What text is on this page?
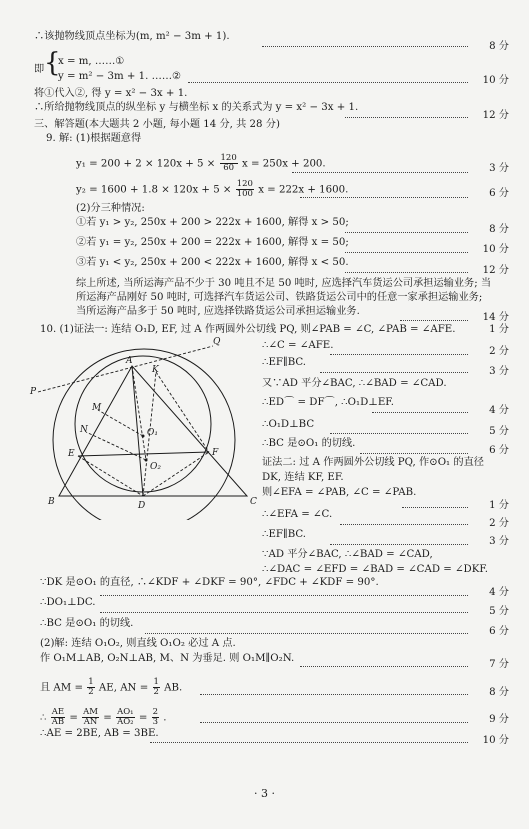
∴该抛物线顶点坐标为(m, m² − 3m + 1).
8 分
即 {
x = m, ……①
y = m² − 3m + 1. ……②	10 分
将①代入②, 得 y = x² − 3x + 1.
∴所给抛物线顶点的纵坐标 y 与横坐标 x 的关系式为 y = x² − 3x + 1.
12 分
三、解答题(本大题共 2 小题, 每小题 14 分, 共 28 分)
9. 解: (1)根据题意得
$y_1 = 200 + 2 \times 120x + 5 \times \frac{120}{60}$ x = 250x + 200.	3 分
$y_2 = 1600 + 1.8 \times 120x + 5 \times \frac{120}{100}$ x = 222x + 1600.	6 分
(2)分三种情况:
①若 y₁ > y₂, 250x + 200 > 222x + 1600, 解得 x > 50;
8 分
②若 y₁ = y₂, 250x + 200 = 222x + 1600, 解得 x = 50;
10 分
③若 y₁ < y₂, 250x + 200 < 222x + 1600, 解得 x < 50.
12 分
综上所述, 当所运海产品不少于 30 吨且不足 50 吨时, 应选择汽车货运公司承担运输业务; 当
所运海产品刚好 50 吨时, 可选择汽车货运公司、铁路货运公司中的任意一家承担运输业务;
当所运海产品多于 50 吨时, 应选择铁路货运公司承担运输业务.
14 分
10. (1)证法一: 连结 O₁D, EF, 过 A 作两圆外公切线 PQ, 则∠PAB = ∠C, ∠PAB = ∠AFE.	1 分
A
Q
P
K
M
N	O₁
O₂
E	F
B	C
D
∴∠C = ∠AFE.
2 分
∴EF∥BC.
3 分
又∵AD 平分∠BAC, ∴∠BAD = ∠CAD.
∴ED⌒ = DF⌒, ∴O₁D⊥EF.
4 分
∴O₁D⊥BC
5 分
∴BC 是⊙O₁ 的切线.
6 分
证法二: 过 A 作两圆外公切线 PQ, 作⊙O₁ 的直径
DK, 连结 KF, EF.
则∠EFA = ∠PAB, ∠C = ∠PAB.
1 分
∴∠EFA = ∠C.
2 分
∴EF∥BC.
3 分
∵AD 平分∠BAC, ∴∠BAD = ∠CAD,
∴∠DAC = ∠EFD = ∠BAD = ∠CAD = ∠DKF.
∵DK 是⊙O₁ 的直径, ∴∠KDF + ∠DKF = 90°, ∠FDC + ∠KDF = 90°.
4 分
∴DO₁⊥DC.
5 分
∴BC 是⊙O₁ 的切线.
6 分
(2)解: 连结 O₁O₂, 则直线 O₁O₂ 必过 A 点.
作 O₁M⊥AB, O₂N⊥AB, M、N 为垂足. 则 O₁M∥O₂N.
7 分
且 AM = $\frac{1}{2}$ AE, AN = $\frac{1}{2}$ AB.	8 分
∴ $\frac{AE}{AB} = \frac{AM}{AN} = \frac{\text{AO₁}}{\text{AO₂}} = \frac{2}{3}$ .	9 分
∴AE = 2BE, AB = 3BE.
10 分
· 3 ·
